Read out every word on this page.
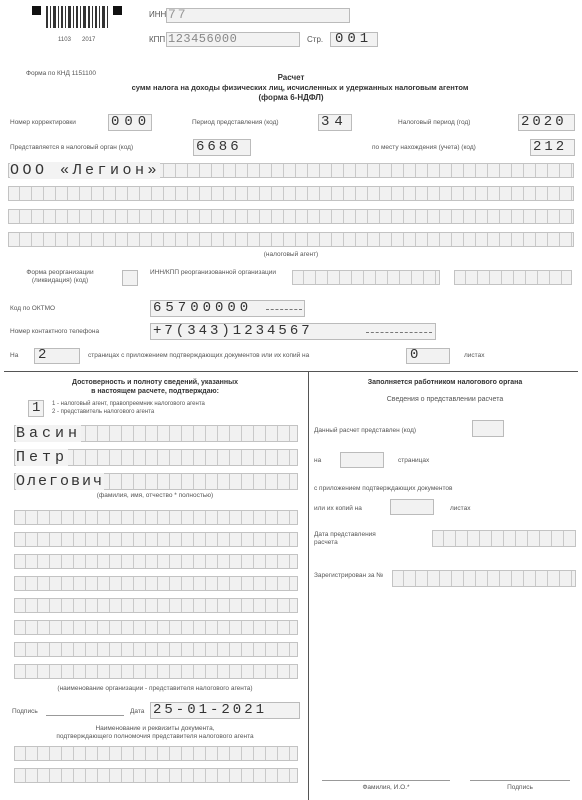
1103 2017
ИНН 77
КПП 123456000	Стр. 001
Форма по КНД 1151100	Расчет
сумм налога на доходы физических лиц, исчисленных и удержанных налоговым агентом
(форма 6-НДФЛ)
Номер корректировки	000	Период представления (код)	34	Налоговый период (год)	2020
Представляется в налоговый орган (код)	6686	по месту нахождения (учета) (код)	212
ООО «Легион»
(налоговый агент)
Форма реорганизации (ликвидация) (код)
ИНН/КПП реорганизованной организации
Код по ОКТМО	65700000
Номер контактного телефона	+7(343)1234567
На 2	страницах с приложением подтверждающих документов или их копий на	0	листах
Достоверность и полноту сведений, указанных
в настоящем расчете, подтверждаю:
1 1 - налоговый агент, правопреемник налогового агента
2 - представитель налогового агента
Васин
Петр
Олегович
(фамилия, имя, отчество * полностью)
(наименование организации - представителя налогового агента)
Подпись	Дата 25-01-2021
Наименование и реквизиты документа,
подтверждающего полномочия представителя налогового агента
Заполняется работником налогового органа
Сведения о представлении расчета
Данный расчет представлен (код)
на	страницах
с приложением подтверждающих документов
или их копий на	листах
Дата представления расчета
Зарегистрирован за №
Фамилия, И.О.*	Подпись
